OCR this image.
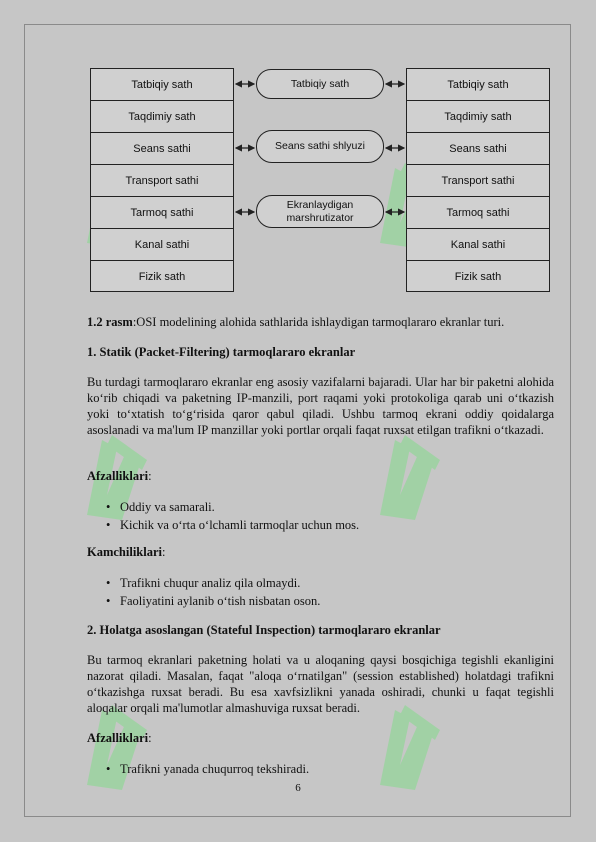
Tatbiqiy sath
Taqdimiy sath
Seans sathi
Transport sathi
Tarmoq sathi
Kanal sathi
Fizik sath
Tatbiqiy sath
Seans sathi shlyuzi
Ekranlaydigan marshrutizator
Tatbiqiy sath
Taqdimiy sath
Seans sathi
Transport sathi
Tarmoq sathi
Kanal sathi
Fizik sath
1.2 rasm:OSI modelining alohida sathlarida ishlaydigan tarmoqlararo ekranlar turi.
1. Statik (Packet-Filtering) tarmoqlararo ekranlar
Bu turdagi tarmoqlararo ekranlar eng asosiy vazifalarni bajaradi. Ular har bir paketni alohida koʻrib chiqadi va paketning IP-manzili, port raqami yoki protokoliga qarab uni oʻtkazish yoki toʻxtatish toʻgʻrisida qaror qabul qiladi. Ushbu tarmoq ekrani oddiy qoidalarga asoslanadi va ma'lum IP manzillar yoki portlar orqali faqat ruxsat etilgan trafikni oʻtkazadi.
Afzalliklari:
• Oddiy va samarali.
• Kichik va oʻrta oʻlchamli tarmoqlar uchun mos.
Kamchiliklari:
• Trafikni chuqur analiz qila olmaydi.
• Faoliyatini aylanib oʻtish nisbatan oson.
2. Holatga asoslangan (Stateful Inspection) tarmoqlararo ekranlar
Bu tarmoq ekranlari paketning holati va u aloqaning qaysi bosqichiga tegishli ekanligini nazorat qiladi. Masalan, faqat "aloqa oʻrnatilgan" (session established) holatdagi trafikni oʻtkazishga ruxsat beradi. Bu esa xavfsizlikni yanada oshiradi, chunki u faqat tegishli aloqalar orqali ma'lumotlar almashuviga ruxsat beradi.
Afzalliklari:
• Trafikni yanada chuqurroq tekshiradi.
6
